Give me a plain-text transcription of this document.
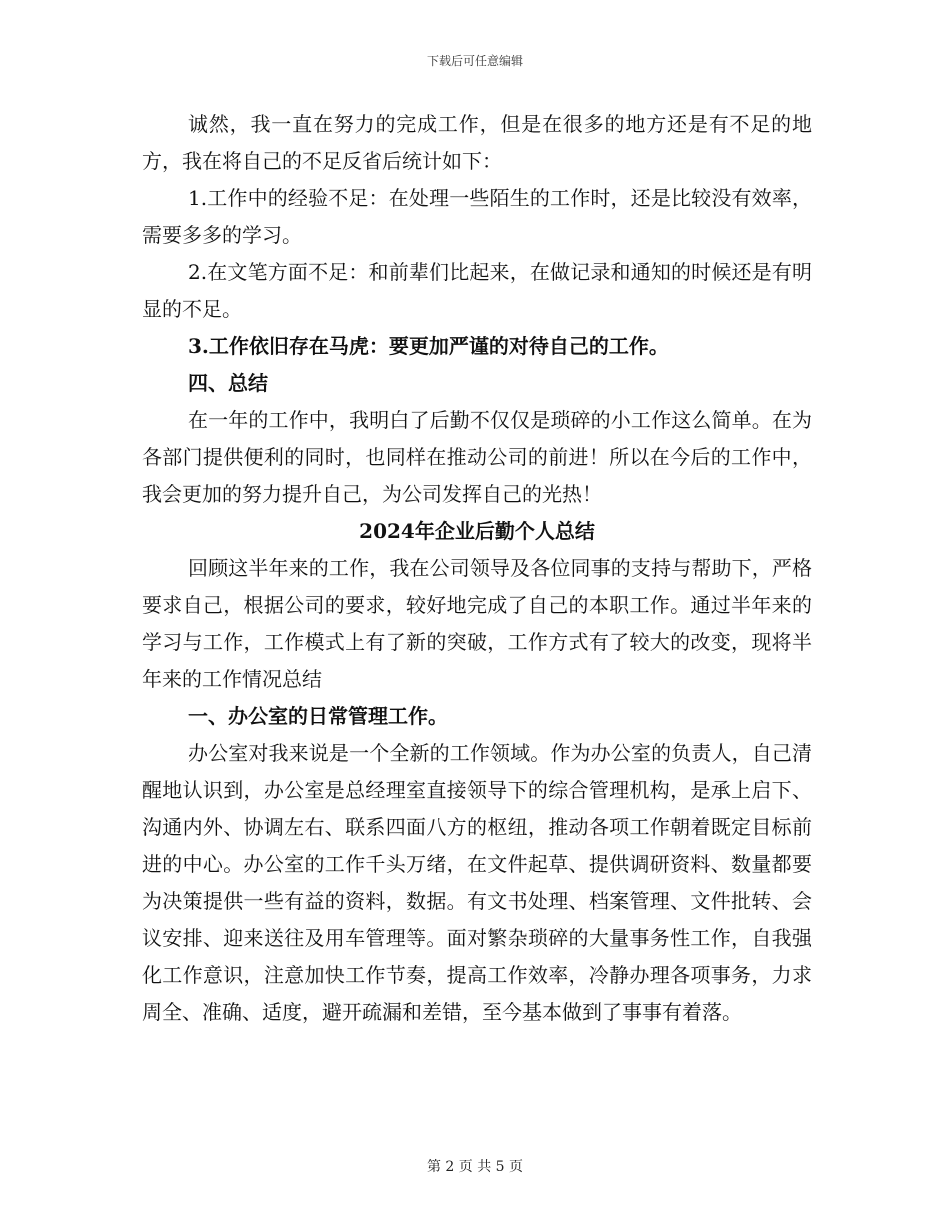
下载后可任意编辑

诚然，我一直在努力的完成工作，但是在很多的地方还是有不足的地方，我在将自己的不足反省后统计如下：

1.工作中的经验不足：在处理一些陌生的工作时，还是比较没有效率，需要多多的学习。

2.在文笔方面不足：和前辈们比起来，在做记录和通知的时候还是有明显的不足。

3.工作依旧存在马虎：要更加严谨的对待自己的工作。

四、总结

在一年的工作中，我明白了后勤不仅仅是琐碎的小工作这么简单。在为各部门提供便利的同时，也同样在推动公司的前进！所以在今后的工作中，我会更加的努力提升自己，为公司发挥自己的光热！

2024年企业后勤个人总结

回顾这半年来的工作，我在公司领导及各位同事的支持与帮助下，严格要求自己，根据公司的要求，较好地完成了自己的本职工作。通过半年来的学习与工作，工作模式上有了新的突破，工作方式有了较大的改变，现将半年来的工作情况总结

一、办公室的日常管理工作。

办公室对我来说是一个全新的工作领域。作为办公室的负责人，自己清醒地认识到，办公室是总经理室直接领导下的综合管理机构，是承上启下、沟通内外、协调左右、联系四面八方的枢纽，推动各项工作朝着既定目标前进的中心。办公室的工作千头万绪，在文件起草、提供调研资料、数量都要为决策提供一些有益的资料，数据。有文书处理、档案管理、文件批转、会议安排、迎来送往及用车管理等。面对繁杂琐碎的大量事务性工作，自我强化工作意识，注意加快工作节奏，提高工作效率，冷静办理各项事务，力求周全、准确、适度，避开疏漏和差错，至今基本做到了事事有着落。

第 2 页 共 5 页
